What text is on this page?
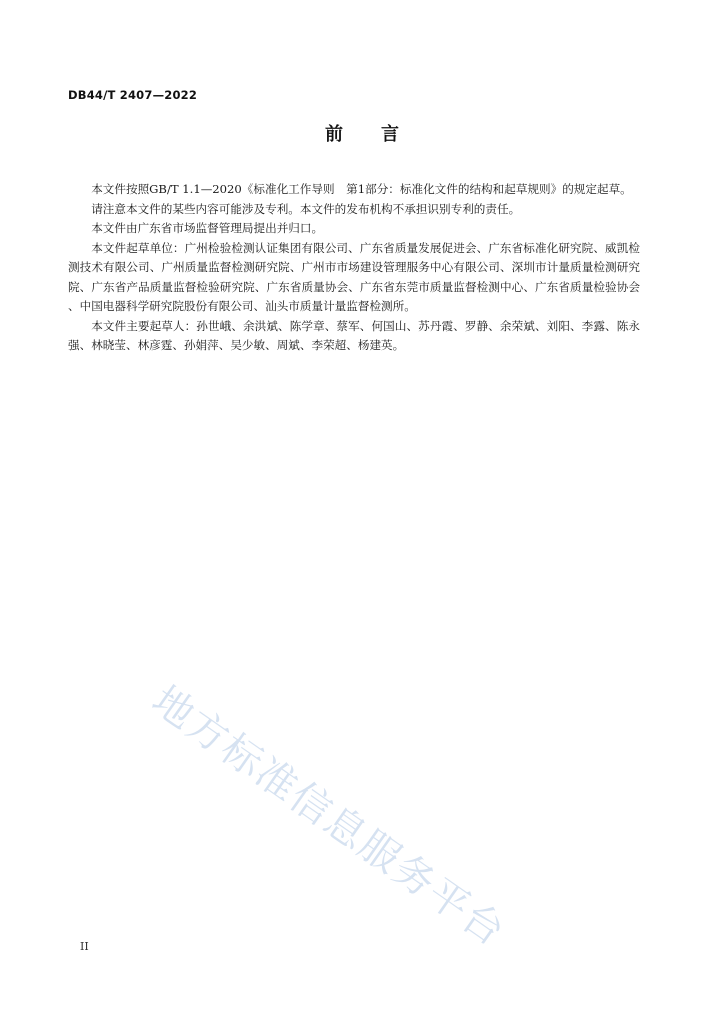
DB44/T 2407—2022
前 言

本文件按照GB/T 1.1—2020《标准化工作导则　第1部分：标准化文件的结构和起草规则》的规定起草。

请注意本文件的某些内容可能涉及专利。本文件的发布机构不承担识别专利的责任。

本文件由广东省市场监督管理局提出并归口。

本文件起草单位：广州检验检测认证集团有限公司、广东省质量发展促进会、广东省标准化研究院、威凯检测技术有限公司、广州质量监督检测研究院、广州市市场建设管理服务中心有限公司、深圳市计量质量检测研究院、广东省产品质量监督检验研究院、广东省质量协会、广东省东莞市质量监督检测中心、广东省质量检验协会、中国电器科学研究院股份有限公司、汕头市质量计量监督检测所。

本文件主要起草人：孙世峨、余洪斌、陈学章、蔡军、何国山、苏丹霞、罗静、余荣斌、刘阳、李露、陈永强、林晓莹、林彦霆、孙娟萍、吴少敏、周斌、李荣超、杨建英。

地方标准信息服务平台
II
